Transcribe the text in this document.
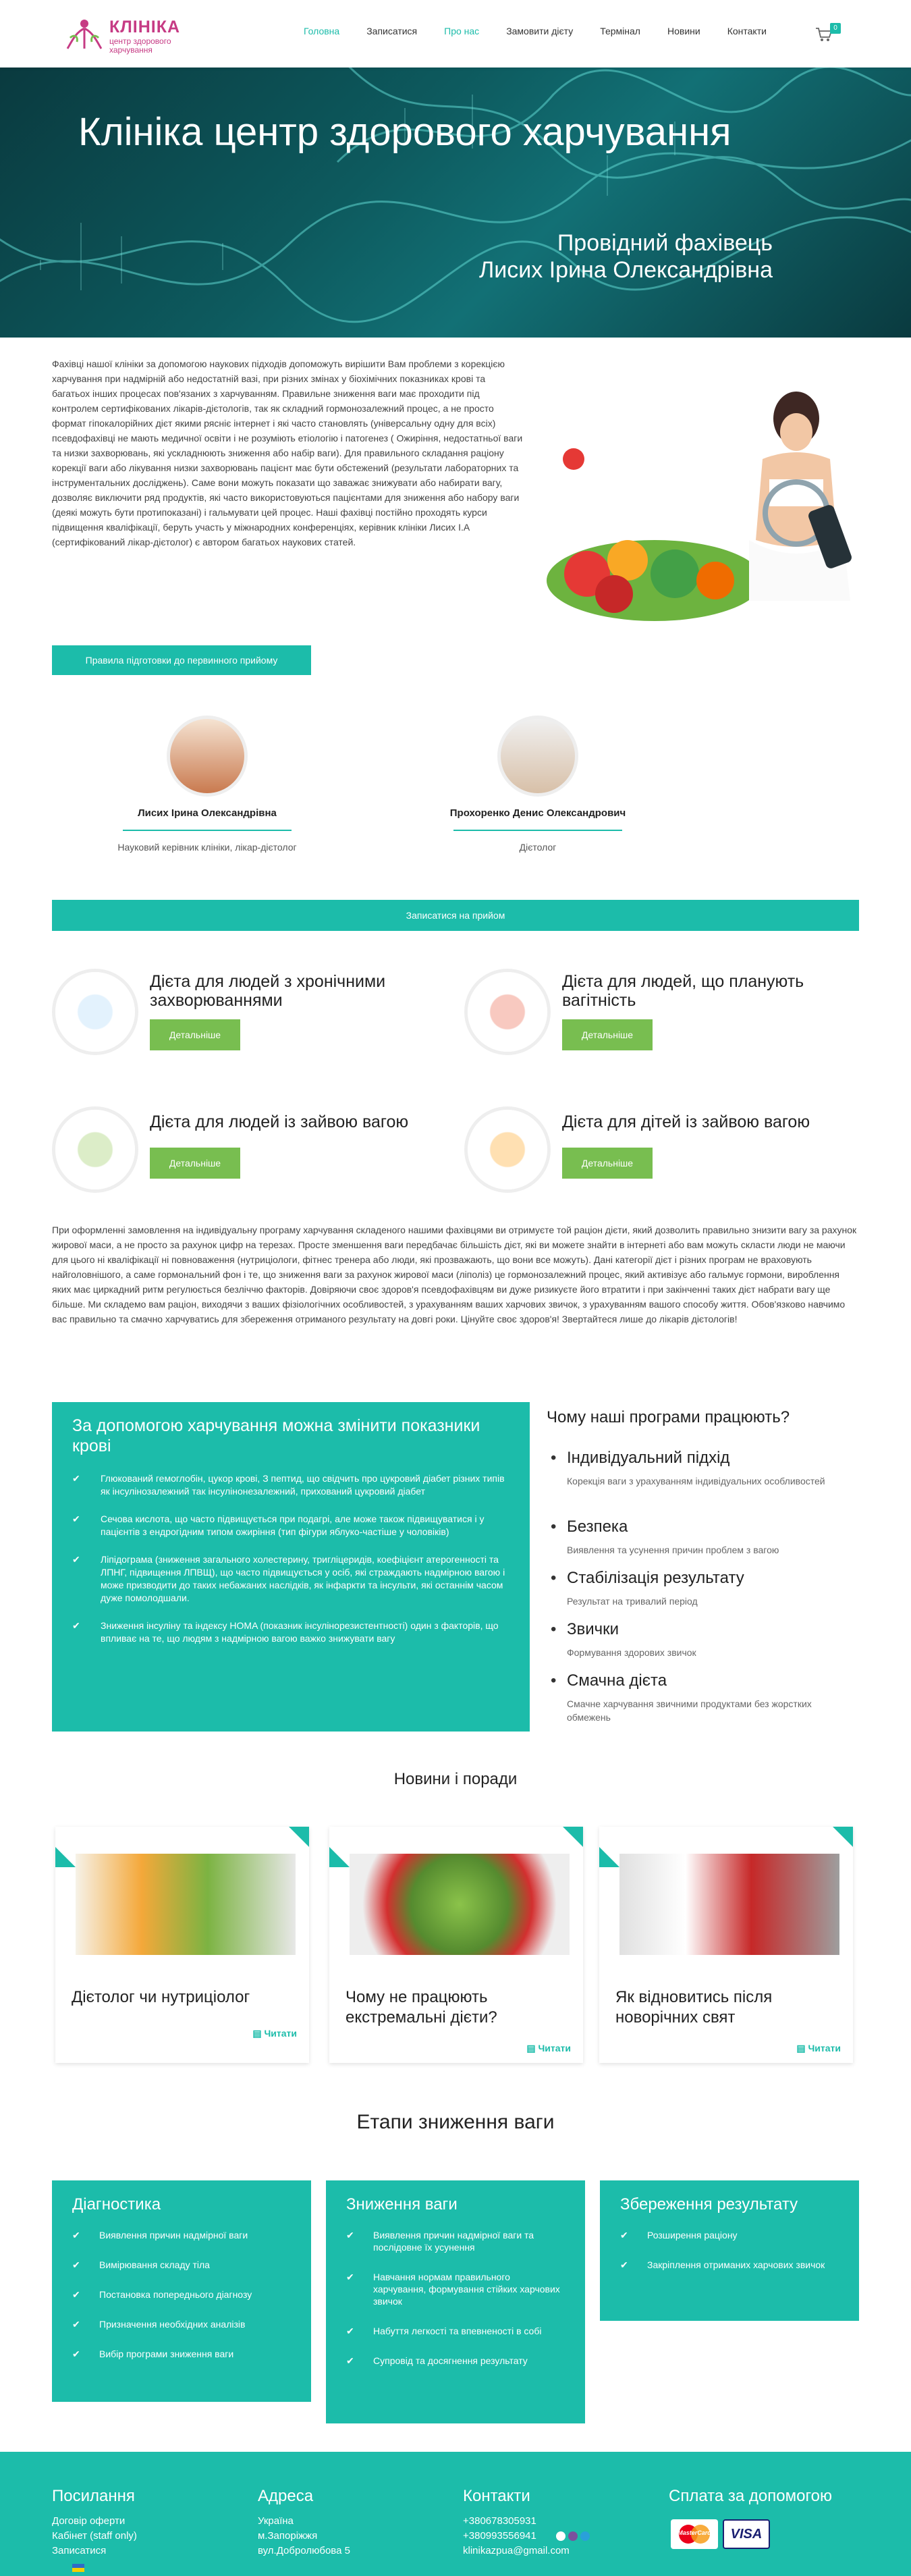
КЛІНІКА
центр здорового харчування
Головна	Записатися	Про нас	Замовити дієту	Термінал	Новини	Контакти	0
Клініка центр здорового харчування
Провідний фахівець
Лисих Ірина Олександрівна
Фахівці нашої клініки за допомогою наукових підходів допоможуть вирішити Вам проблеми з корекцією харчування при надмірній або недостатній вазі, при різних змінах у біохімічних показниках крові та багатьох інших процесах пов'язаних з харчуванням. Правильне зниження ваги має проходити під контролем сертифікованих лікарів-дієтологів, так як складний гормонозалежний процес, а не просто формат гіпокалорійних дієт якими рясніє інтернет і які часто становлять (універсальну одну для всіх) псевдофахівці не мають медичної освіти і не розуміють етіологію і патогенез ( Ожиріння, недостатньої ваги та низки захворювань, які ускладнюють зниження або набір ваги). Для правильного складання раціону корекції ваги або лікування низки захворювань пацієнт має бути обстежений (результати лабораторних та інструментальних досліджень). Саме вони можуть показати що заважає знижувати або набирати вагу, дозволяє виключити ряд продуктів, які часто використовуються пацієнтами для зниження або набору ваги (деякі можуть бути протипоказані) і гальмувати цей процес. Наші фахівці постійно проходять курси підвищення кваліфікації, беруть участь у міжнародних конференціях, керівник клініки Лисих І.А (сертифікований лікар-дієтолог) є автором багатьох наукових статей.
Правила підготовки до первинного прийому
Лисих Ірина Олександрівна
Науковий керівник клініки, лікар-дієтолог
Прохоренко Денис Олександрович
Дієтолог
Записатися на прийом
Дієта для людей з хронічними захворюваннями
Детальніше
Дієта для людей, що планують вагітність
Детальніше
Дієта для людей із зайвою вагою
Детальніше
Дієта для дітей із зайвою вагою
Детальніше
При оформленні замовлення на індивідуальну програму харчування складеного нашими фахівцями ви отримуєте той раціон дієти, який дозволить правильно знизити вагу за рахунок жирової маси, а не просто за рахунок цифр на терезах. Просте зменшення ваги передбачає більшість дієт, які ви можете знайти в інтернеті або вам можуть скласти люди не маючи для цього ні кваліфікації ні повноваження (нутриціологи, фітнес тренера або люди, які прозважають, що вони все можуть). Дані категорії дієт і різних програм не враховують найголовнішого, а саме гормональний фон і те, що зниження ваги за рахунок жирової маси (ліполіз) це гормонозалежний процес, який активізує або гальмує гормони, вироблення яких має циркадний ритм регулюється безліччю факторів. Довіряючи своє здоров'я псевдофахівцям ви дуже ризикуєте його втратити і при закінченні таких дієт набрати вагу ще більше. Ми складемо вам раціон, виходячи з ваших фізіологічних особливостей, з урахуванням ваших харчових звичок, з урахуванням вашого способу життя. Обов'язково навчимо вас правильно та смачно харчуватись для збереження отриманого результату на довгі роки. Цінуйте своє здоров'я! Звертайтеся лише до лікарів дієтологів!
За допомогою харчування можна змінити показники крові
✔ Глюкований гемоглобін, цукор крові, З пептид, що свідчить про цукровий діабет різних типів як інсулінозалежний так інсулінонезалежний, прихований цукровий діабет
✔ Сечова кислота, що часто підвищується при подагрі, але може також підвищуватися і у пацієнтів з ендрогідним типом ожиріння (тип фігури яблуко-частіше у чоловіків)
✔ Ліпідограма (зниження загального холестерину, тригліцеридів, коефіцієнт атерогенності та ЛПНГ, підвищення ЛПВЩ), що часто підвищується у осіб, які страждають надмірною вагою і може призводити до таких небажаних наслідків, як інфаркти та інсульти, які останнім часом дуже помолодшали.
✔ Зниження інсуліну та індексу HOMA (показник інсулінорезистентності) один з факторів, що впливає на те, що людям з надмірною вагою важко знижувати вагу
Чому наші програми працюють?
• Індивідуальний підхід
Корекція ваги з урахуванням індивідуальних особливостей
• Безпека
Виявлення та усунення причин проблем з вагою
• Стабілізація результату
Результат на тривалий період
• Звички
Формування здорових звичок
• Смачна дієта
Смачне харчування звичними продуктами без жорстких обмежень
Новини і поради
Дієтолог чи нутриціолог
▤ Читати
Чому не працюють екстремальні дієти?
▤ Читати
Як відновитись після новорічних свят
▤ Читати
Етапи зниження ваги
Діагностика
✔ Виявлення причин надмірної ваги
✔ Вимірювання складу тіла
✔ Постановка попереднього діагнозу
✔ Призначення необхідних аналізів
✔ Вибір програми зниження ваги
Зниження ваги
✔ Виявлення причин надмірної ваги та послідовне їх усунення
✔ Навчання нормам правильного харчування, формування стійких харчових звичок
✔ Набуття легкості та впевненості в собі
✔ Супровід та досягнення результату
Збереження результату
✔ Розширення раціону
✔ Закріплення отриманих харчових звичок
Посилання
Договір оферти
Кабінет (staff only)
Записатися
Адреса
Україна
м.Запоріжжя
вул.Добролюбова 5
Контакти
+380678305931
+380993556941
klinikazpua@gmail.com
Сплата за допомогою
MasterCard	VISA
